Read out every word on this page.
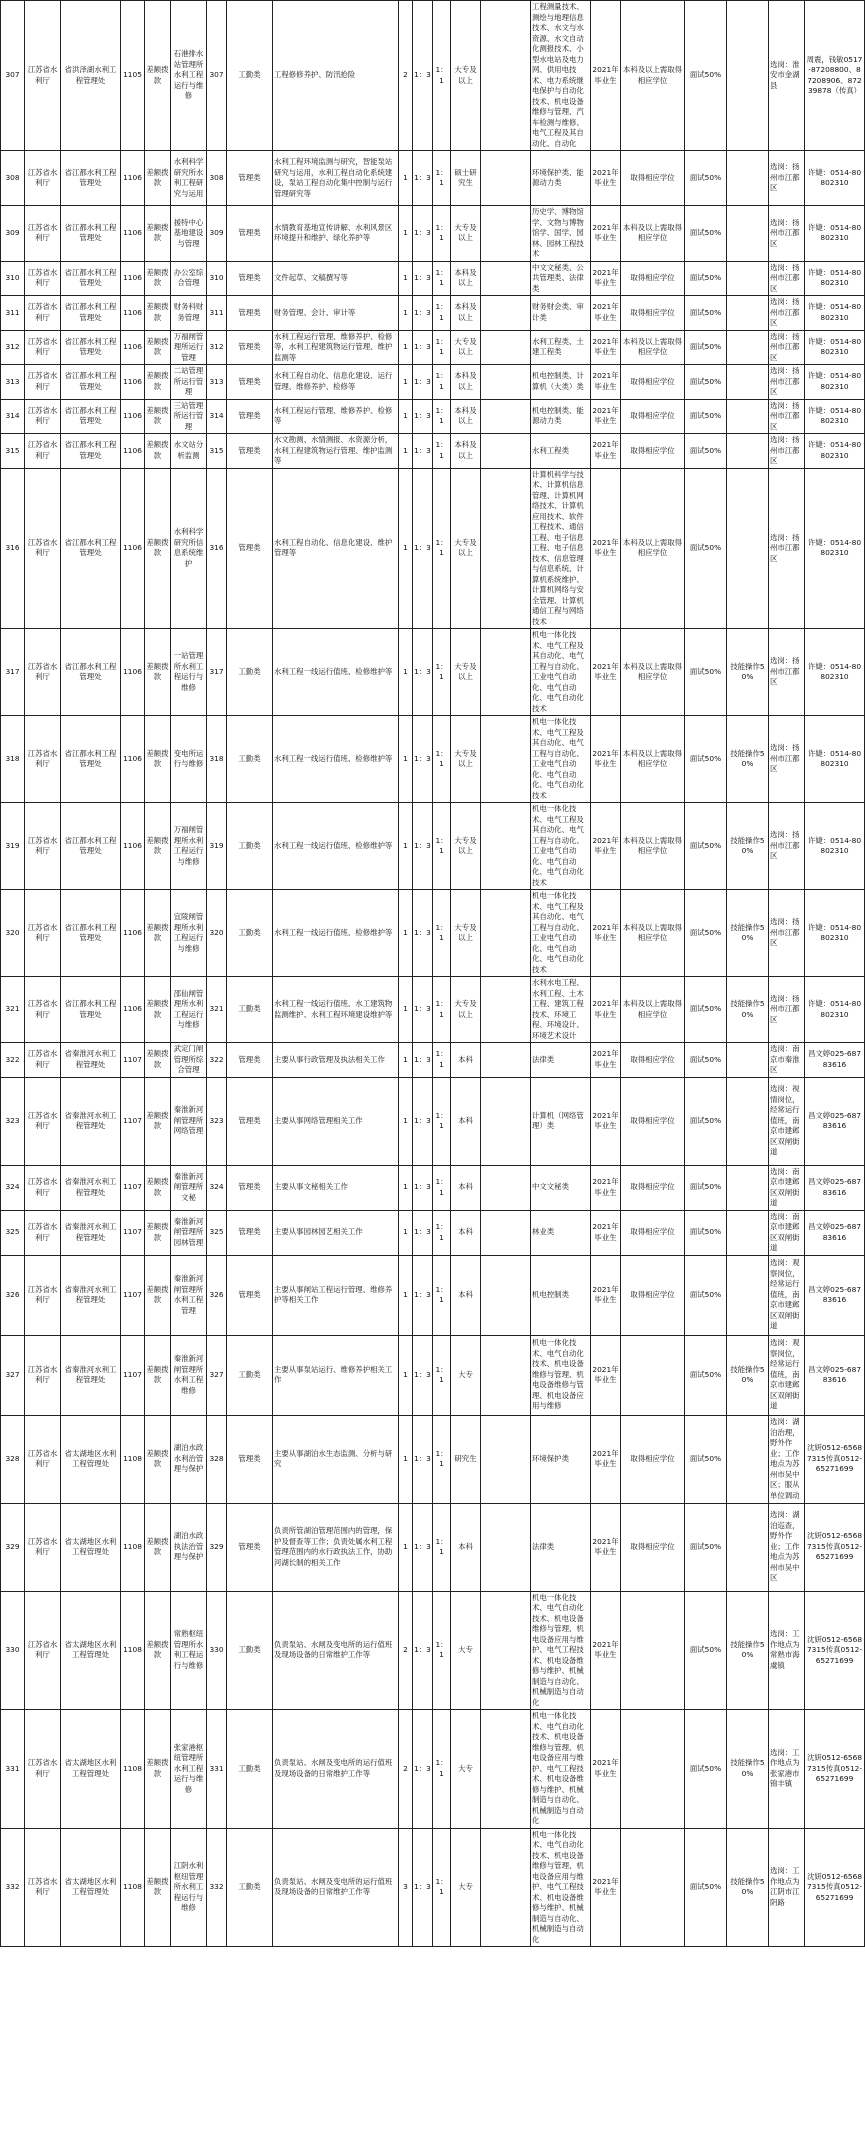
307	江苏省水利厅	省洪泽湖水利工程管理处	1105	差额拨款	石港排水站管理所水利工程运行与维修	307	工勤类	工程修修养护、防汛抢险	2	1：3	1：1	大专及以上		工程测量技术、测绘与地理信息技术、水文与水资源、水文自动化测报技术、小型水电站及电力网、供用电技术、电力系统继电保护与自动化技术、机电设备维修与管理、汽车检测与维修、电气工程及其自动化、自动化	2021年毕业生	本科及以上需取得相应学位	面试50%		选岗：淮安市金湖县	周震，钱敏0517-87208800、87208906、87239878（传真）
308	江苏省水利厅	省江都水利工程管理处	1106	差额拨款	水利科学研究所水利工程研究与运用	308	管理类	水利工程环境监测与研究，智能泵站研究与运用，水利工程自动化系统建设，泵站工程自动化集中控制与运行管理研究等	1	1：3	1：1	硕士研究生		环境保护类、能源动力类	2021年毕业生	取得相应学位	面试50%		选岗：扬州市江都区	许婕：0514-80802310
309	江苏省水利厅	省江都水利工程管理处	1106	差额拨款	援特中心基地建设与管理	309	管理类	水情教育基地宣传讲解、水利风景区环境提升和维护、绿化养护等	1	1：3	1：1	大专及以上		历史学、博物馆学、文物与博物馆学、国学、园林、园林工程技术	2021年毕业生	本科及以上需取得相应学位	面试50%		选岗：扬州市江都区	许婕：0514-80802310
310	江苏省水利厅	省江都水利工程管理处	1106	差额拨款	办公室综合管理	310	管理类	文件起草、文稿撰写等	1	1：3	1：1	本科及以上		中文文秘类、公共管理类、法律类	2021年毕业生	取得相应学位	面试50%		选岗：扬州市江都区	许婕：0514-80802310
311	江苏省水利厅	省江都水利工程管理处	1106	差额拨款	财务科财务管理	311	管理类	财务管理、会计、审计等	1	1：3	1：1	本科及以上		财务财会类、审计类	2021年毕业生	取得相应学位	面试50%		选岗：扬州市江都区	许婕：0514-80802310
312	江苏省水利厅	省江都水利工程管理处	1106	差额拨款	万福闸管理所运行管理	312	管理类	水利工程运行管理、维修养护、检修等，水利工程建筑物运行管理、维护监测等	1	1：3	1：1	大专及以上		水利工程类、土建工程类	2021年毕业生	本科及以上需取得相应学位	面试50%		选岗：扬州市江都区	许婕：0514-80802310
313	江苏省水利厅	省江都水利工程管理处	1106	差额拨款	二站管理所运行管理	313	管理类	水利工程自动化、信息化建设、运行管理、维修养护、检修等	1	1：3	1：1	本科及以上		机电控制类、计算机（大类）类	2021年毕业生	取得相应学位	面试50%		选岗：扬州市江都区	许婕：0514-80802310
314	江苏省水利厅	省江都水利工程管理处	1106	差额拨款	三站管理所运行管理	314	管理类	水利工程运行管理、维修养护、检修等	1	1：3	1：1	本科及以上		机电控制类、能源动力类	2021年毕业生	取得相应学位	面试50%		选岗：扬州市江都区	许婕：0514-80802310
315	江苏省水利厅	省江都水利工程管理处	1106	差额拨款	水文站分析监测	315	管理类	水文勘测、水情测报、水资源分析，水利工程建筑物运行管理、维护监测等	1	1：3	1：1	本科及以上		水利工程类	2021年毕业生	取得相应学位	面试50%		选岗：扬州市江都区	许婕：0514-80802310
316	江苏省水利厅	省江都水利工程管理处	1106	差额拨款	水利科学研究所信息系统维护	316	管理类	水利工程自动化、信息化建设、维护管理等	1	1：3	1：1	大专及以上		计算机科学与技术、计算机信息管理、计算机网络技术、计算机应用技术、软件工程技术、通信工程、电子信息工程、电子信息技术、信息管理与信息系统、计算机系统维护、计算机网络与安全管理、计算机通信工程与网络技术	2021年毕业生	本科及以上需取得相应学位	面试50%		选岗：扬州市江都区	许婕：0514-80802310
317	江苏省水利厅	省江都水利工程管理处	1106	差额拨款	一站管理所水利工程运行与维修	317	工勤类	水利工程一线运行值班、检修维护等	1	1：3	1：1	大专及以上		机电一体化技术、电气工程及其自动化、电气工程与自动化、工业电气自动化、电气自动化、电气自动化技术	2021年毕业生	本科及以上需取得相应学位	面试50%	技能操作50%	选岗：扬州市江都区	许婕：0514-80802310
318	江苏省水利厅	省江都水利工程管理处	1106	差额拨款	变电所运行与维修	318	工勤类	水利工程一线运行值班、检修维护等	1	1：3	1：1	大专及以上		机电一体化技术、电气工程及其自动化、电气工程与自动化、工业电气自动化、电气自动化、电气自动化技术	2021年毕业生	本科及以上需取得相应学位	面试50%	技能操作50%	选岗：扬州市江都区	许婕：0514-80802310
319	江苏省水利厅	省江都水利工程管理处	1106	差额拨款	万福闸管理所水利工程运行与维修	319	工勤类	水利工程一线运行值班、检修维护等	1	1：3	1：1	大专及以上		机电一体化技术、电气工程及其自动化、电气工程与自动化、工业电气自动化、电气自动化、电气自动化技术	2021年毕业生	本科及以上需取得相应学位	面试50%	技能操作50%	选岗：扬州市江都区	许婕：0514-80802310
320	江苏省水利厅	省江都水利工程管理处	1106	差额拨款	宜陵闸管理所水利工程运行与维修	320	工勤类	水利工程一线运行值班、检修维护等	1	1：3	1：1	大专及以上		机电一体化技术、电气工程及其自动化、电气工程与自动化、工业电气自动化、电气自动化、电气自动化技术	2021年毕业生	本科及以上需取得相应学位	面试50%	技能操作50%	选岗：扬州市江都区	许婕：0514-80802310
321	江苏省水利厅	省江都水利工程管理处	1106	差额拨款	邵仙闸管理所水利工程运行与维修	321	工勤类	水利工程一线运行值班、水工建筑物监测维护、水利工程环境建设维护等	1	1：3	1：1	大专及以上		水利水电工程、水利工程、土木工程、建筑工程技术、环境工程、环境设计、环境艺术设计	2021年毕业生	本科及以上需取得相应学位	面试50%	技能操作50%	选岗：扬州市江都区	许婕：0514-80802310
322	江苏省水利厅	省秦淮河水利工程管理处	1107	差额拨款	武定门闸管理所综合管理	322	管理类	主要从事行政管理及执法相关工作	1	1：3	1：1	本科		法律类	2021年毕业生	取得相应学位	面试50%		选岗：南京市秦淮区	昌文婷025-68783616
323	江苏省水利厅	省秦淮河水利工程管理处	1107	差额拨款	秦淮新河闸管理所网络管理	323	管理类	主要从事网络管理相关工作	1	1：3	1：1	本科		计算机（网络管理）类	2021年毕业生	取得相应学位	面试50%		选岗：视情岗位，经常运行值班，南京市建邺区双闸街道	昌文婷025-68783616
324	江苏省水利厅	省秦淮河水利工程管理处	1107	差额拨款	秦淮新河闸管理所文秘	324	管理类	主要从事文秘相关工作	1	1：3	1：1	本科		中文文秘类	2021年毕业生	取得相应学位	面试50%		选岗：南京市建邺区双闸街道	昌文婷025-68783616
325	江苏省水利厅	省秦淮河水利工程管理处	1107	差额拨款	秦淮新河闸管理所园林管理	325	管理类	主要从事园林园艺相关工作	1	1：3	1：1	本科		林业类	2021年毕业生	取得相应学位	面试50%		选岗：南京市建邺区双闸街道	昌文婷025-68783616
326	江苏省水利厅	省秦淮河水利工程管理处	1107	差额拨款	秦淮新河闸管理所水利工程管理	326	管理类	主要从事闸站工程运行管理、维修养护等相关工作	1	1：3	1：1	本科		机电控制类	2021年毕业生	取得相应学位	面试50%		选岗：观察岗位，经常运行值班，南京市建邺区双闸街道	昌文婷025-68783616
327	江苏省水利厅	省秦淮河水利工程管理处	1107	差额拨款	秦淮新河闸管理所水利工程维修	327	工勤类	主要从事泵站运行、维修养护相关工作	1	1：3	1：1	大专		机电一体化技术、电气自动化技术、机电设备维修与管理、机电设备维修与管理、机电设备应用与维修	2021年毕业生		面试50%	技能操作50%	选岗：观察岗位，经常运行值班，南京市建邺区双闸街道	昌文婷025-68783616
328	江苏省水利厅	省太湖地区水利工程管理处	1108	差额拨款	湖泊水政水利治管理与保护	328	管理类	主要从事湖泊水生态监测、分析与研究	1	1：3	1：1	研究生		环境保护类	2021年毕业生	取得相应学位	面试50%		选岗：湖泊治理，野外作业；工作地点为苏州市吴中区；服从单位调动	沈妍0512-65687315传真0512-65271699
329	江苏省水利厅	省太湖地区水利工程管理处	1108	差额拨款	湖泊水政执法治管理与保护	329	管理类	负责所管湖泊管理范围内的管理，保护及督查等工作；负责处属水利工程管理范围内的水行政执法工作，协助河湖长制的相关工作	1	1：3	1：1	本科		法律类	2021年毕业生	取得相应学位	面试50%		选岗：湖泊巡查，野外作业；工作地点为苏州市吴中区	沈妍0512-65687315传真0512-65271699
330	江苏省水利厅	省太湖地区水利工程管理处	1108	差额拨款	常熟枢纽管理所水利工程运行与维修	330	工勤类	负责泵站、水闸及变电所的运行值班及现场设备的日常维护工作等	2	1：3	1：1	大专		机电一体化技术、电气自动化技术、机电设备维修与管理、机电设备应用与维护、电气工程技术、机电设备维修与维护、机械制造与自动化、机械制造与自动化	2021年毕业生		面试50%	技能操作50%	选岗：工作地点为常熟市海虞镇	沈妍0512-65687315传真0512-65271699
331	江苏省水利厅	省太湖地区水利工程管理处	1108	差额拨款	张家港枢纽管理所水利工程运行与维修	331	工勤类	负责泵站、水闸及变电所的运行值班及现场设备的日常维护工作等	2	1：3	1：1	大专		机电一体化技术、电气自动化技术、机电设备维修与管理、机电设备应用与维护、电气工程技术、机电设备维修与维护、机械制造与自动化、机械制造与自动化	2021年毕业生		面试50%	技能操作50%	选岗：工作地点为张家港市锦丰镇	沈妍0512-65687315传真0512-65271699
332	江苏省水利厅	省太湖地区水利工程管理处	1108	差额拨款	江阴水利枢纽管理所水利工程运行与维修	332	工勤类	负责泵站、水闸及变电所的运行值班及现场设备的日常维护工作等	3	1：3	1：1	大专		机电一体化技术、电气自动化技术、机电设备维修与管理、机电设备应用与维护、电气工程技术、机电设备维修与维护、机械制造与自动化、机械制造与自动化	2021年毕业生		面试50%	技能操作50%	选岗：工作地点为江阴市江阴路	沈妍0512-65687315传真0512-65271699
